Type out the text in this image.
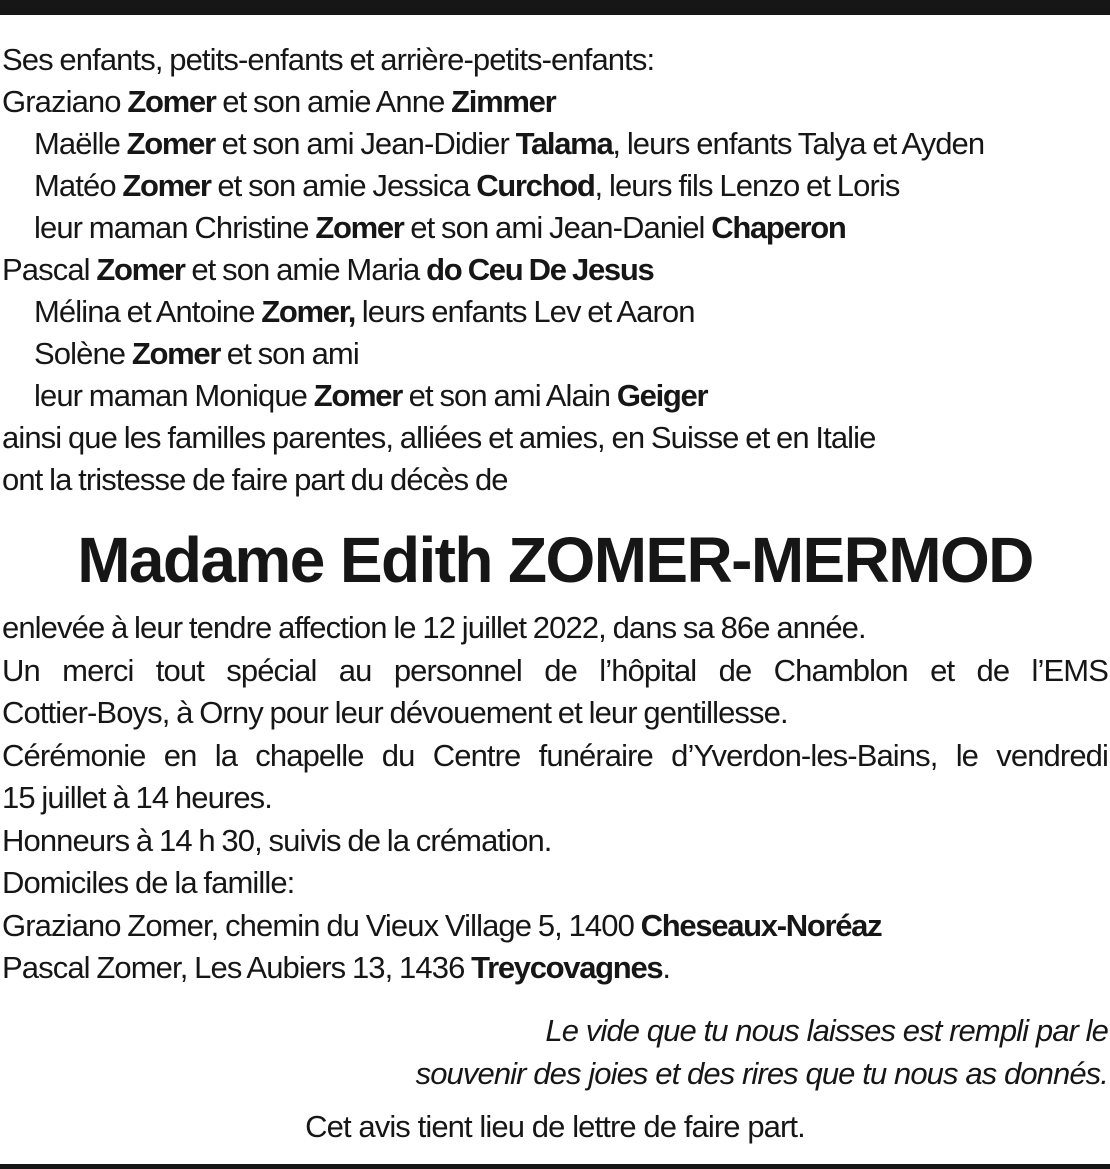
Ses enfants, petits-enfants et arrière-petits-enfants:
Graziano Zomer et son amie Anne Zimmer
Maëlle Zomer et son ami Jean-Didier Talama, leurs enfants Talya et Ayden
Matéo Zomer et son amie Jessica Curchod, leurs fils Lenzo et Loris
leur maman Christine Zomer et son ami Jean-Daniel Chaperon
Pascal Zomer et son amie Maria do Ceu De Jesus
Mélina et Antoine Zomer, leurs enfants Lev et Aaron
Solène Zomer et son ami
leur maman Monique Zomer et son ami Alain Geiger
ainsi que les familles parentes, alliées et amies, en Suisse et en Italie
ont la tristesse de faire part du décès de
Madame Edith ZOMER-MERMOD
enlevée à leur tendre affection le 12 juillet 2022, dans sa 86e année.
Un merci tout spécial au personnel de l’hôpital de Chamblon et de l’EMS
Cottier-Boys, à Orny pour leur dévouement et leur gentillesse.
Cérémonie en la chapelle du Centre funéraire d’Yverdon-les-Bains, le vendredi
15 juillet à 14 heures.
Honneurs à 14 h 30, suivis de la crémation.
Domiciles de la famille:
Graziano Zomer, chemin du Vieux Village 5, 1400 Cheseaux-Noréaz
Pascal Zomer, Les Aubiers 13, 1436 Treycovagnes.
Le vide que tu nous laisses est rempli par le
souvenir des joies et des rires que tu nous as donnés.
Cet avis tient lieu de lettre de faire part.
